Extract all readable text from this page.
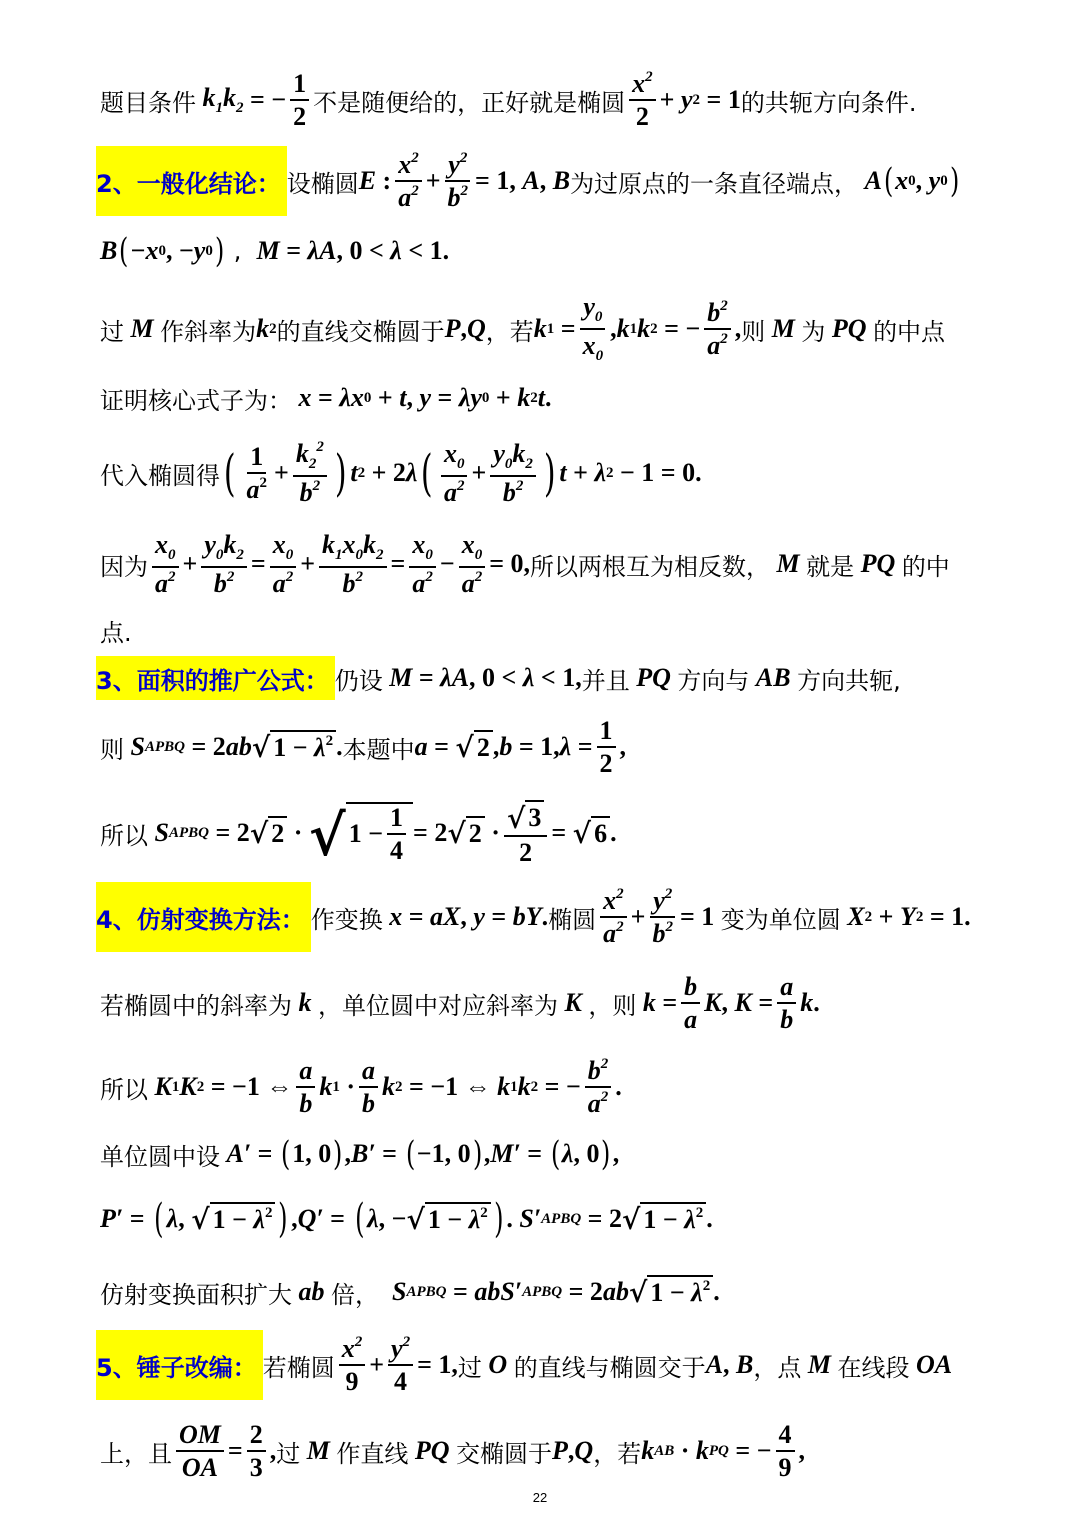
题目条件 $k_1k_2$ = − $\frac{1}{2}$ 不是随便给的，正好就是椭圆 $\frac{x^2}{2} + y$ 2 = 1 的共轭方向条件.
2、一般化结论： 设椭圆 E : $\frac{x^2}{a^2} + \frac{y^2}{b^2} = 1$, A , B 为过原点的一条直径端点， A ( x 0 , y 0 )
B ( − x 0 , − y 0 ) , M = λA , 0 < λ < 1.
过 M 作斜率为 k 2 的直线交椭圆于 P , Q ，若 k $1 = \frac{y_0}{x_0}$ , k 1 k 2 = − $\frac{b^2}{a^2}$ , 则 M 为 PQ 的中点
证明核心式子为： x = λx 0 + t , y = λy 0 + k 2 t .
代入椭圆得 ( $\frac{1}{a^2} + \frac{k_2^2}{b^2}$ ) t 2 + 2 λ ( $\frac{x_0}{a^2} + \frac{y_0k_2}{b^2}$ ) t + λ 2 − 1 = 0.
因为 $\frac{x_0}{a^2} + \frac{y_0k_2}{b^2} = \frac{x_0}{a^2} + \frac{k_1x_0k_2}{b^2} = \frac{x_0}{a^2} - \frac{x_0}{a^2} = 0$, 所以两根互为相反数， M 就是 PQ 的中
点.
3、面积的推广公式： 仍设 M = λA , 0 < λ < 1, 并且 PQ 方向与 AB 方向共轭,
则 S APBQ = 2 ab √ $1 - \lambda^2$ . 本题中 a = √ 2 , b = 1, $\lambda = \frac{1}{2}$ ,
所以 S APBQ = 2 √ 2 · √ $1 - \frac{1}{4} = 2$ √ $2 \cdot \frac{√ 3}{2}$ = √ 6 .
4、仿射变换方法： 作变换 x = aX , y = bY . 椭圆 $\frac{x^2}{a^2} + \frac{y^2}{b^2} = 1$ 变为单位圆 X 2 + Y 2 = 1.
若椭圆中的斜率为 k ，单位圆中对应斜率为 K ，则 $k = \frac{b}{a}$ K , $K = \frac{a}{b}$ k .
所以 K 1 K 2 = −1 ⇔ $\frac{a}{b}$ k $1 \cdot \frac{a}{b}$ k 2 = −1 ⇔ k 1 k 2 = − $\frac{b^2}{a^2}$ .
单位圆中设 A′ = ( 1, 0 ) , B′ = ( −1, 0 ) , M′ = ( λ , 0 ) ,
P′ = ( λ , √ $1 - \lambda^2$ ) , Q′ = ( λ , − √ $1 - \lambda^2$ ) . S′ APBQ = 2 √ $1 - \lambda^2$ .
仿射变换面积扩大 ab 倍， S APBQ = abS′ APBQ = 2 ab √ $1 - \lambda^2$ .
5、锤子改编： 若椭圆 $\frac{x^2}{9} + \frac{y^2}{4} = 1$, 过 O 的直线与椭圆交于 A , B ，点 M 在线段 OA
上，且 $\frac{OM}{OA} = \frac{2}{3}$ , 过 M 作直线 PQ 交椭圆于 P , Q ，若 k AB · k PQ = − $\frac{4}{9}$ ,
22
